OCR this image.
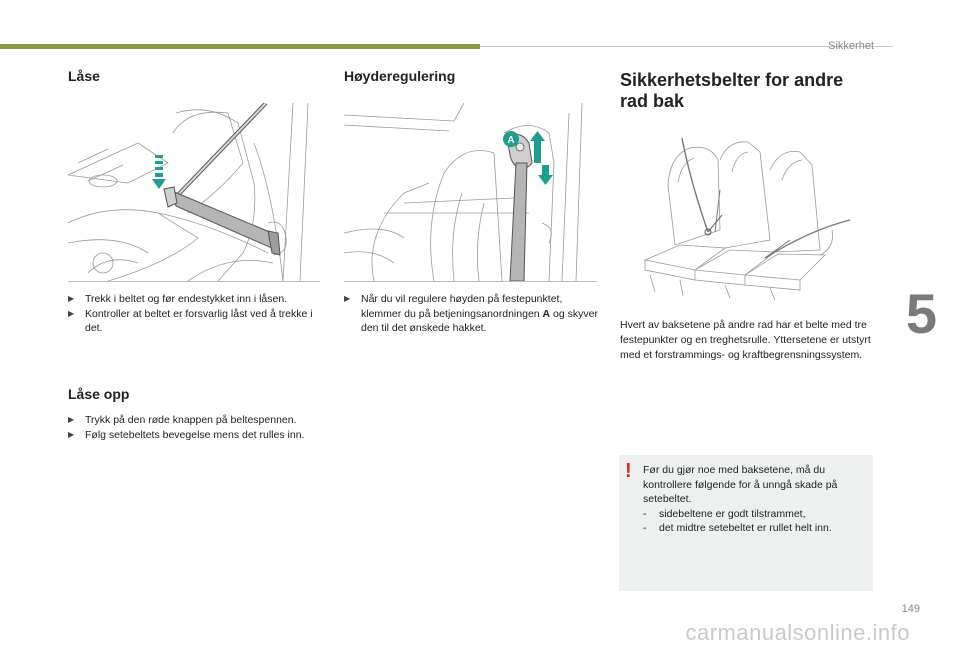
Sikkerhet
5
Låse
▶ Trekk i beltet og før endestykket inn i låsen.
▶ Kontroller at beltet er forsvarlig låst ved å trekke i det.
Låse opp
▶ Trykk på den røde knappen på beltespennen.
▶ Følg setebeltets bevegelse mens det rulles inn.
Høyderegulering
A
▶ Når du vil regulere høyden på festepunktet, klemmer du på betjeningsanordningen A og skyver den til det ønskede hakket.
Sikkerhetsbelter for andre rad bak

Hvert av baksetene på andre rad har et belte med tre festepunkter og en treghetsrulle. Yttersetene er utstyrt med et forstrammings- og kraftbegrensningssystem.

! Før du gjør noe med baksetene, må du kontrollere følgende for å unngå skade på setebeltet.
- sidebeltene er godt tilstrammet,
- det midtre setebeltet er rullet helt inn.
149
carmanualsonline.info
